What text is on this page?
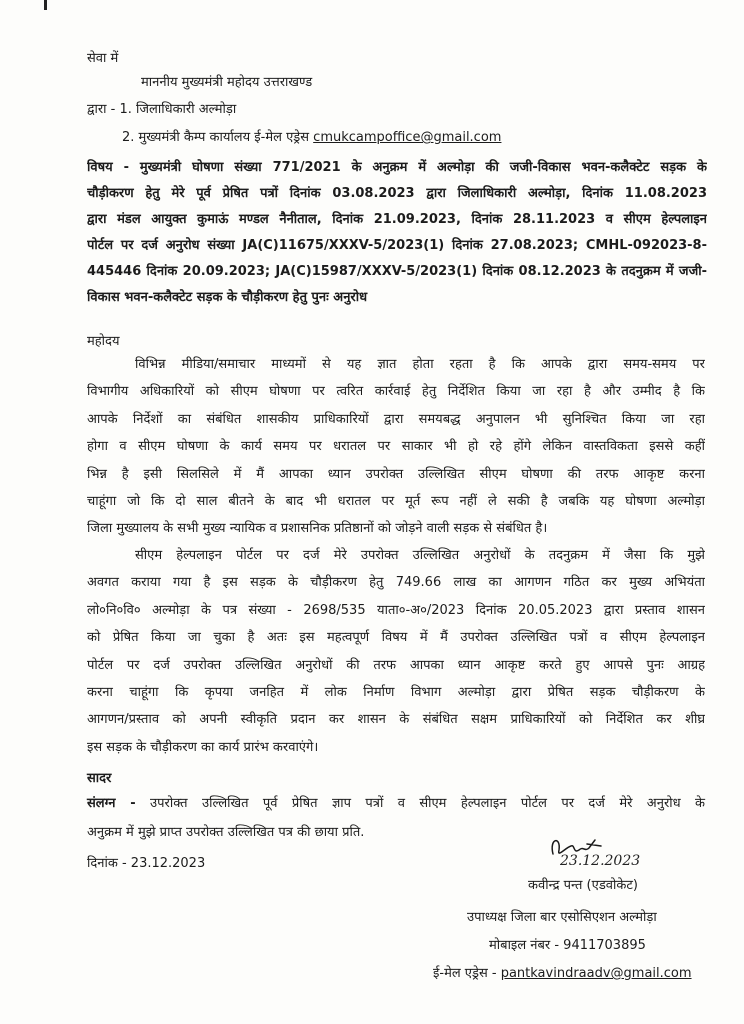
सेवा में
माननीय मुख्यमंत्री महोदय उत्तराखण्ड
द्वारा - 1. जिलाधिकारी अल्मोड़ा
2. मुख्यमंत्री कैम्प कार्यालय ई-मेल एड्रेस cmukcampoffice@gmail.com
विषय - मुख्यमंत्री घोषणा संख्या 771/2021 के अनुक्रम में अल्मोड़ा की जजी-विकास भवन-कलैक्टेट सड़क के
चौड़ीकरण हेतु मेरे पूर्व प्रेषित पत्रों दिनांक 03.08.2023 द्वारा जिलाधिकारी अल्मोड़ा, दिनांक 11.08.2023
द्वारा मंडल आयुक्त कुमाऊं मण्डल नैनीताल, दिनांक 21.09.2023, दिनांक 28.11.2023 व सीएम हेल्पलाइन
पोर्टल पर दर्ज अनुरोध संख्या JA(C)11675/XXXV-5/2023(1) दिनांक 27.08.2023; CMHL-092023-8-
445446 दिनांक 20.09.2023; JA(C)15987/XXXV-5/2023(1) दिनांक 08.12.2023 के तदनुक्रम में जजी-
विकास भवन-कलैक्टेट सड़क के चौड़ीकरण हेतु पुनः अनुरोध
महोदय
विभिन्न मीडिया/समाचार माध्यमों से यह ज्ञात होता रहता है कि आपके द्वारा समय-समय पर
विभागीय अधिकारियों को सीएम घोषणा पर त्वरित कार्रवाई हेतु निर्देशित किया जा रहा है और उम्मीद है कि
आपके निर्देशों का संबंधित शासकीय प्राधिकारियों द्वारा समयबद्ध अनुपालन भी सुनिश्चित किया जा रहा
होगा व सीएम घोषणा के कार्य समय पर धरातल पर साकार भी हो रहे होंगे लेकिन वास्तविकता इससे कहीं
भिन्न है इसी सिलसिले में मैं आपका ध्यान उपरोक्त उल्लिखित सीएम घोषणा की तरफ आकृष्ट करना
चाहूंगा जो कि दो साल बीतने के बाद भी धरातल पर मूर्त रूप नहीं ले सकी है जबकि यह घोषणा अल्मोड़ा
जिला मुख्यालय के सभी मुख्य न्यायिक व प्रशासनिक प्रतिष्ठानों को जोड़ने वाली सड़क से संबंधित है।
सीएम हेल्पलाइन पोर्टल पर दर्ज मेरे उपरोक्त उल्लिखित अनुरोधों के तदनुक्रम में जैसा कि मुझे
अवगत कराया गया है इस सड़क के चौड़ीकरण हेतु 749.66 लाख का आगणन गठित कर मुख्य अभियंता
लो०नि०वि० अल्मोड़ा के पत्र संख्या - 2698/535 याता०-अ०/2023 दिनांक 20.05.2023 द्वारा प्रस्ताव शासन
को प्रेषित किया जा चुका है अतः इस महत्वपूर्ण विषय में मैं उपरोक्त उल्लिखित पत्रों व सीएम हेल्पलाइन
पोर्टल पर दर्ज उपरोक्त उल्लिखित अनुरोधों की तरफ आपका ध्यान आकृष्ट करते हुए आपसे पुनः आग्रह
करना चाहूंगा कि कृपया जनहित में लोक निर्माण विभाग अल्मोड़ा द्वारा प्रेषित सड़क चौड़ीकरण के
आगणन/प्रस्ताव को अपनी स्वीकृति प्रदान कर शासन के संबंधित सक्षम प्राधिकारियों को निर्देशित कर शीघ्र
इस सड़क के चौड़ीकरण का कार्य प्रारंभ करवाएंगे।
सादर
संलग्न - उपरोक्त उल्लिखित पूर्व प्रेषित ज्ञाप पत्रों व सीएम हेल्पलाइन पोर्टल पर दर्ज मेरे अनुरोध के
अनुक्रम में मुझे प्राप्त उपरोक्त उल्लिखित पत्र की छाया प्रति.
दिनांक - 23.12.2023	23.12.2023
कवीन्द्र पन्त (एडवोकेट)
उपाध्यक्ष जिला बार एसोसिएशन अल्मोड़ा
मोबाइल नंबर - 9411703895
ई-मेल एड्रेस - pantkavindraadv@gmail.com
